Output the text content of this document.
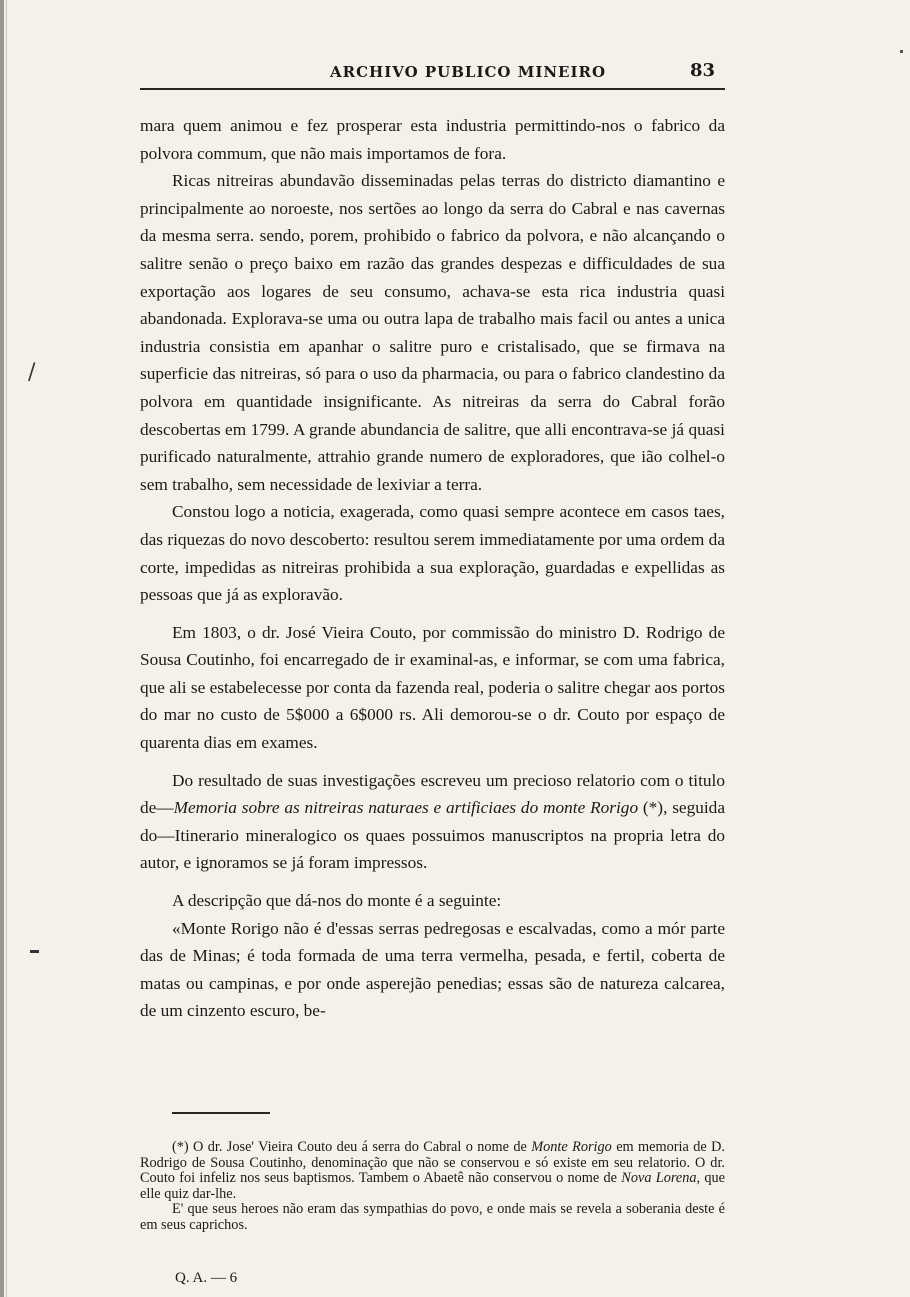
/
ARCHIVO PUBLICO MINEIRO	83

mara quem animou e fez prosperar esta industria permittindo-nos o fabrico da polvora commum, que não mais importamos de fora.

Ricas nitreiras abundavão disseminadas pelas terras do districto diamantino e principalmente ao noroeste, nos sertões ao longo da serra do Cabral e nas cavernas da mesma serra. sendo, porem, prohibido o fabrico da polvora, e não alcançando o salitre senão o preço baixo em razão das grandes despezas e difficuldades de sua exportação aos logares de seu consumo, achava-se esta rica industria quasi abandonada. Explorava-se uma ou outra lapa de trabalho mais facil ou antes a unica industria consistia em apanhar o salitre puro e cristalisado, que se firmava na superficie das nitreiras, só para o uso da pharmacia, ou para o fabrico clandestino da polvora em quantidade insignificante. As nitreiras da serra do Cabral forão descobertas em 1799. A grande abundancia de salitre, que alli encontrava-se já quasi purificado naturalmente, attrahio grande numero de exploradores, que ião colhel-o sem trabalho, sem necessidade de lexiviar a terra.

Constou logo a noticia, exagerada, como quasi sempre acontece em casos taes, das riquezas do novo descoberto: resultou serem immediatamente por uma ordem da corte, impedidas as nitreiras prohibida a sua exploração, guardadas e expellidas as pessoas que já as exploravão.

Em 1803, o dr. José Vieira Couto, por commissão do ministro D. Rodrigo de Sousa Coutinho, foi encarregado de ir examinal-as, e informar, se com uma fabrica, que ali se estabelecesse por conta da fazenda real, poderia o salitre chegar aos portos do mar no custo de 5$000 a 6$000 rs. Ali demorou-se o dr. Couto por espaço de quarenta dias em exames.

Do resultado de suas investigações escreveu um precioso relatorio com o titulo de—Memoria sobre as nitreiras naturaes e artificiaes do monte Rorigo (*), seguida do—Itinerario mineralogico os quaes possuimos manuscriptos na propria letra do autor, e ignoramos se já foram impressos.

A descripção que dá-nos do monte é a seguinte:

«Monte Rorigo não é d'essas serras pedregosas e escalvadas, como a mór parte das de Minas; é toda formada de uma terra vermelha, pesada, e fertil, coberta de matas ou campinas, e por onde asperejão penedias; essas são de natureza calcarea, de um cinzento escuro, be-

(*) O dr. Jose' Vieira Couto deu á serra do Cabral o nome de Monte Rorigo em memoria de D. Rodrigo de Sousa Coutinho, denominação que não se conservou e só existe em seu relatorio. O dr. Couto foi infeliz nos seus baptismos. Tambem o Abaetê não conservou o nome de Nova Lorena, que elle quiz dar-lhe.

E' que seus heroes não eram das sympathias do povo, e onde mais se revela a soberania deste é em seus caprichos.

Q. A. — 6
